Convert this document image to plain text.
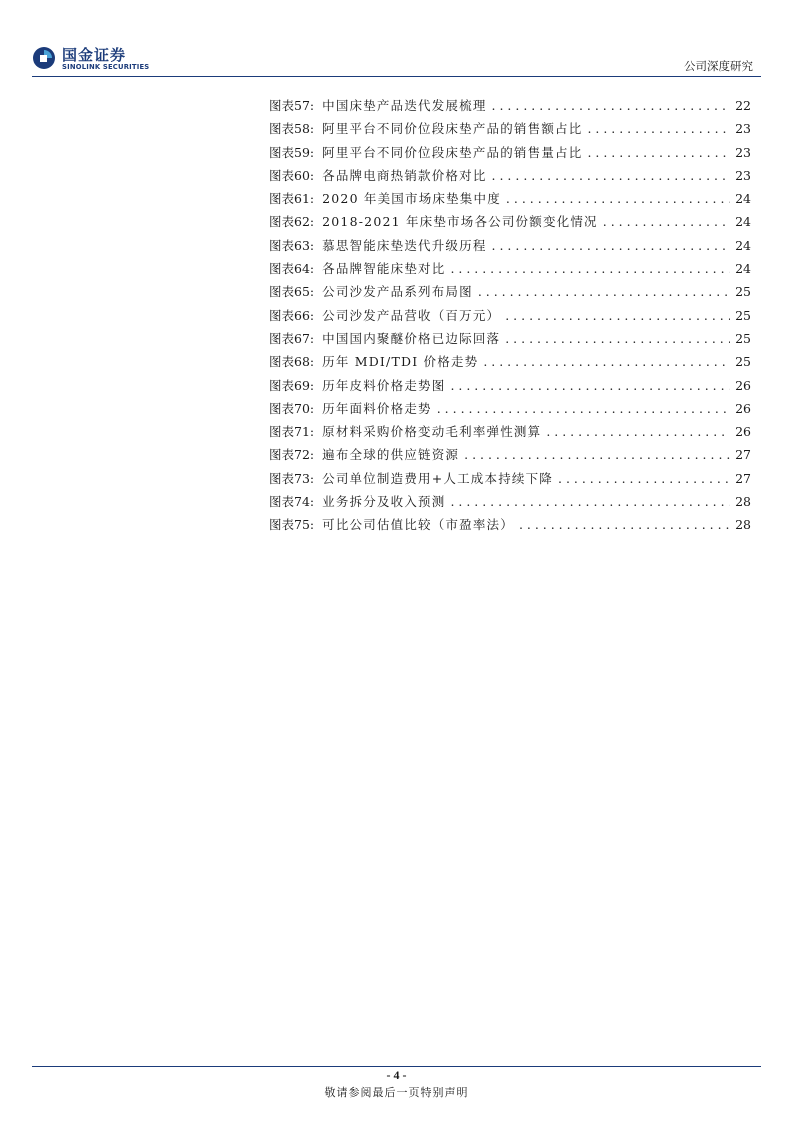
国金证券
SINOLINK SECURITIES	公司深度研究
图表57: 中国床垫产品迭代发展梳理 . . .	22
图表58: 阿里平台不同价位段床垫产品的销售额占比 . . .	23
图表59: 阿里平台不同价位段床垫产品的销售量占比 . . .	23
图表60: 各品牌电商热销款价格对比 . . .	23
图表61: 2020 年美国市场床垫集中度 . . .	24
图表62: 2018-2021 年床垫市场各公司份额变化情况 . . .	24
图表63: 慕思智能床垫迭代升级历程 . . .	24
图表64: 各品牌智能床垫对比 . . .	24
图表65: 公司沙发产品系列布局图 . . .	25
图表66: 公司沙发产品营收（百万元） . . .	25
图表67: 中国国内聚醚价格已边际回落 . . .	25
图表68: 历年 MDI/TDI 价格走势 . . .	25
图表69: 历年皮料价格走势图 . . .	26
图表70: 历年面料价格走势 . . .	26
图表71: 原材料采购价格变动毛利率弹性测算 . . .	26
图表72: 遍布全球的供应链资源 . . .	27
图表73: 公司单位制造费用+人工成本持续下降 . . .	27
图表74: 业务拆分及收入预测 . . .	28
图表75: 可比公司估值比较（市盈率法） . . .	28
- 4 -
敬请参阅最后一页特别声明
